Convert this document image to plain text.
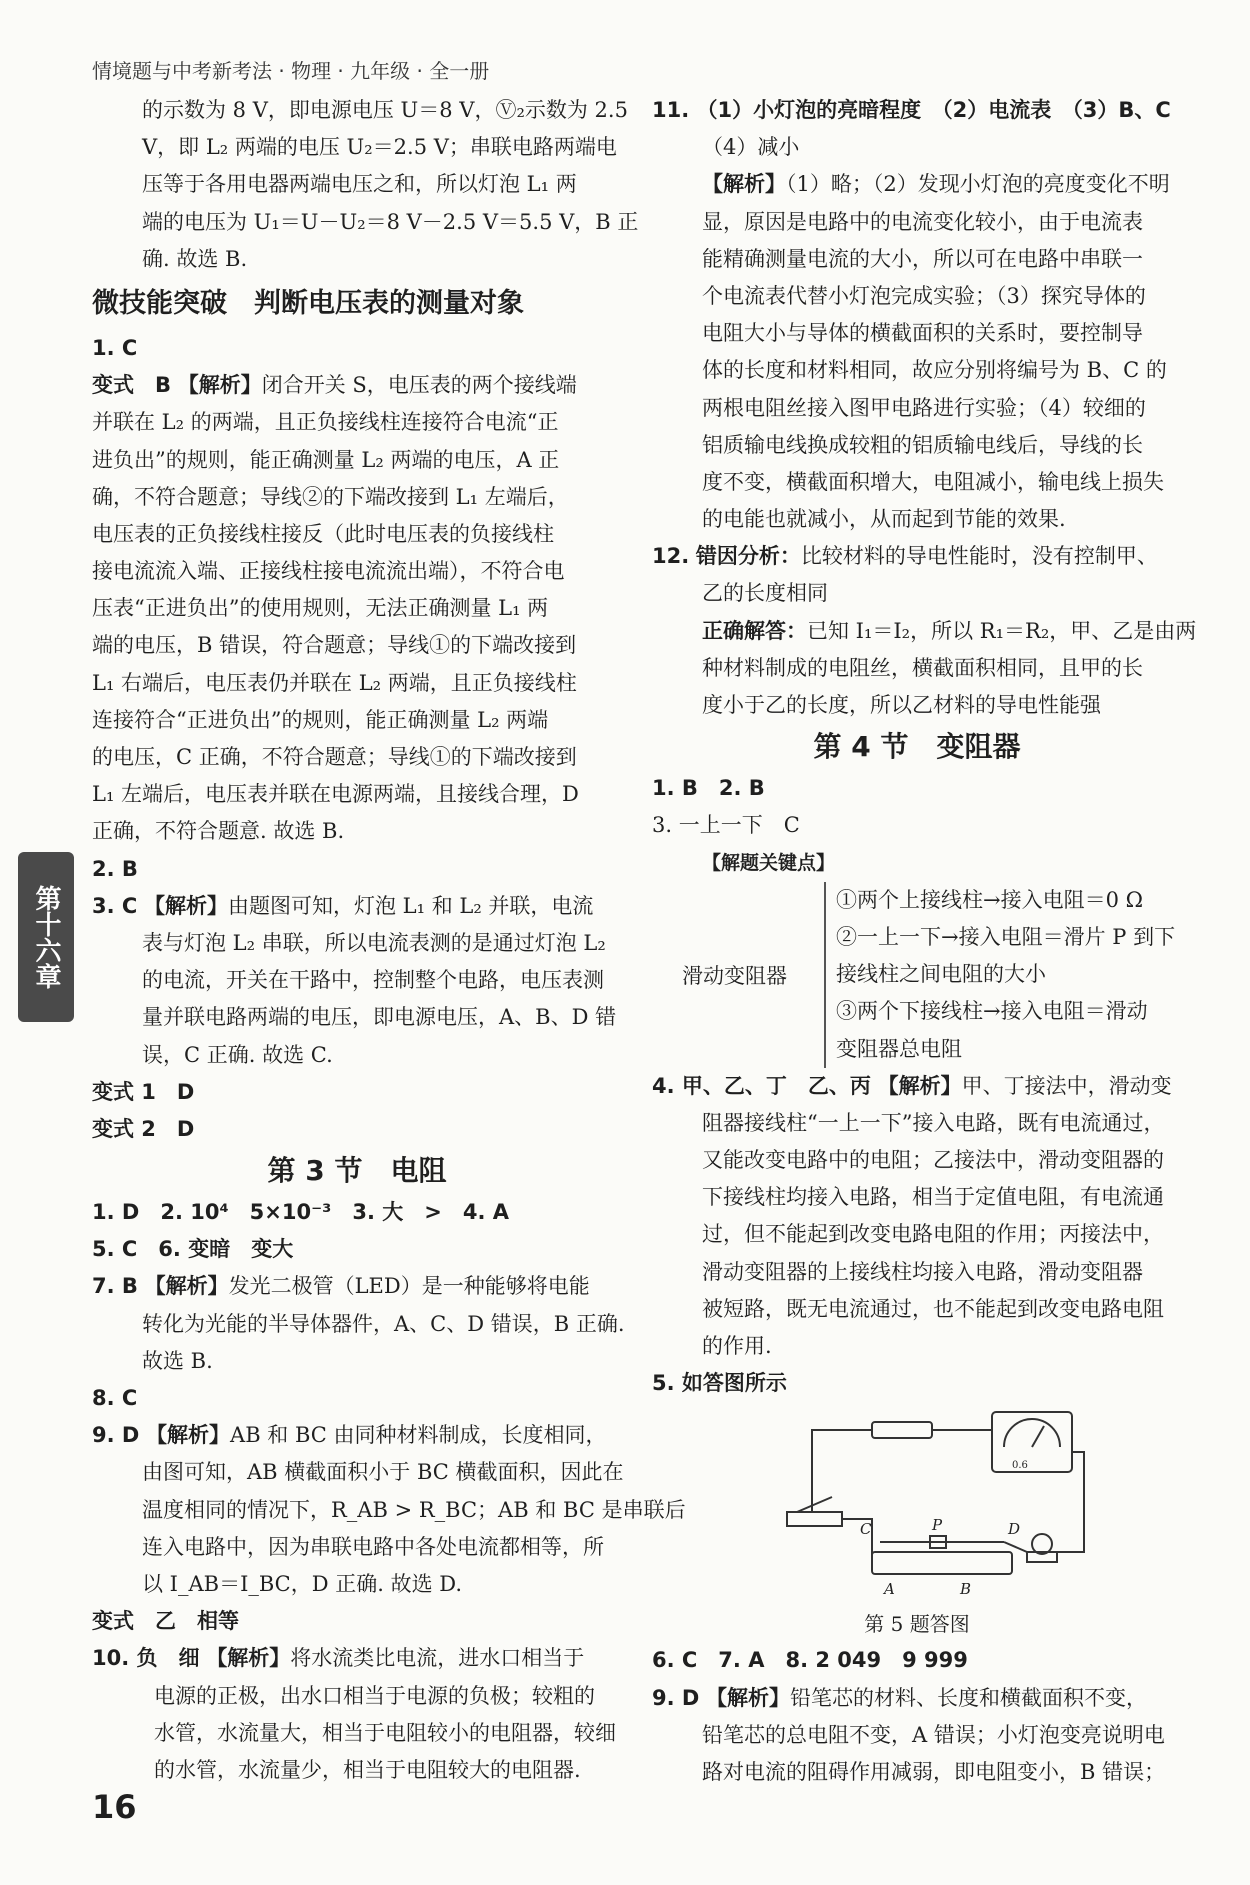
情境题与中考新考法 · 物理 · 九年级 · 全一册
第十六章
的示数为 8 V，即电源电压 U＝8 V，Ⓥ₂示数为 2.5
V，即 L₂ 两端的电压 U₂＝2.5 V；串联电路两端电
压等于各用电器两端电压之和，所以灯泡 L₁ 两
端的电压为 U₁＝U－U₂＝8 V－2.5 V＝5.5 V，B 正
确. 故选 B.
微技能突破　判断电压表的测量对象
1. C
变式　B 【解析】闭合开关 S，电压表的两个接线端
并联在 L₂ 的两端，且正负接线柱连接符合电流“正
进负出”的规则，能正确测量 L₂ 两端的电压，A 正
确，不符合题意；导线②的下端改接到 L₁ 左端后，
电压表的正负接线柱接反（此时电压表的负接线柱
接电流流入端、正接线柱接电流流出端），不符合电
压表“正进负出”的使用规则，无法正确测量 L₁ 两
端的电压，B 错误，符合题意；导线①的下端改接到
L₁ 右端后，电压表仍并联在 L₂ 两端，且正负接线柱
连接符合“正进负出”的规则，能正确测量 L₂ 两端
的电压，C 正确，不符合题意；导线①的下端改接到
L₁ 左端后，电压表并联在电源两端，且接线合理，D
正确，不符合题意. 故选 B.
2. B
3. C 【解析】由题图可知，灯泡 L₁ 和 L₂ 并联，电流
表与灯泡 L₂ 串联，所以电流表测的是通过灯泡 L₂
的电流，开关在干路中，控制整个电路，电压表测
量并联电路两端的电压，即电源电压，A、B、D 错
误，C 正确. 故选 C.
变式 1　D
变式 2　D
第 3 节　电阻
1. D　2. 10⁴　5×10⁻³　3. 大　>　4. A
5. C　6. 变暗　变大
7. B 【解析】发光二极管（LED）是一种能够将电能
转化为光能的半导体器件，A、C、D 错误，B 正确.
故选 B.
8. C
9. D 【解析】AB 和 BC 由同种材料制成，长度相同，
由图可知，AB 横截面积小于 BC 横截面积，因此在
温度相同的情况下，R_AB > R_BC；AB 和 BC 是串联后
连入电路中，因为串联电路中各处电流都相等，所
以 I_AB＝I_BC，D 正确. 故选 D.
变式　乙　相等
10. 负　细 【解析】将水流类比电流，进水口相当于
电源的正极，出水口相当于电源的负极；较粗的
水管，水流量大，相当于电阻较小的电阻器，较细
的水管，水流量少，相当于电阻较大的电阻器.
11. （1）小灯泡的亮暗程度　（2）电流表　（3）B、C
（4）减小
【解析】（1）略；（2）发现小灯泡的亮度变化不明
显，原因是电路中的电流变化较小，由于电流表
能精确测量电流的大小，所以可在电路中串联一
个电流表代替小灯泡完成实验；（3）探究导体的
电阻大小与导体的横截面积的关系时，要控制导
体的长度和材料相同，故应分别将编号为 B、C 的
两根电阻丝接入图甲电路进行实验；（4）较细的
铝质输电线换成较粗的铝质输电线后，导线的长
度不变，横截面积增大，电阻减小，输电线上损失
的电能也就减小，从而起到节能的效果.
12. 错因分析：比较材料的导电性能时，没有控制甲、
乙的长度相同
正确解答：已知 I₁＝I₂，所以 R₁＝R₂，甲、乙是由两
种材料制成的电阻丝，横截面积相同，且甲的长
度小于乙的长度，所以乙材料的导电性能强
第 4 节　变阻器
1. B　2. B
3. 一上一下　C
【解题关键点】
滑动变阻器
①两个上接线柱→接入电阻＝0 Ω
②一上一下→接入电阻＝滑片 P 到下
接线柱之间电阻的大小
③两个下接线柱→接入电阻＝滑动
变阻器总电阻
4. 甲、乙、丁　乙、丙 【解析】甲、丁接法中，滑动变
阻器接线柱“一上一下”接入电路，既有电流通过，
又能改变电路中的电阻；乙接法中，滑动变阻器的
下接线柱均接入电路，相当于定值电阻，有电流通
过，但不能起到改变电路电阻的作用；丙接法中，
滑动变阻器的上接线柱均接入电路，滑动变阻器
被短路，既无电流通过，也不能起到改变电路电阻
的作用.
5. 如答图所示
C	P	D
A	B
0.6
第 5 题答图
6. C　7. A　8. 2 049　9 999
9. D 【解析】铅笔芯的材料、长度和横截面积不变，
铅笔芯的总电阻不变，A 错误；小灯泡变亮说明电
路对电流的阻碍作用减弱，即电阻变小，B 错误；
16
